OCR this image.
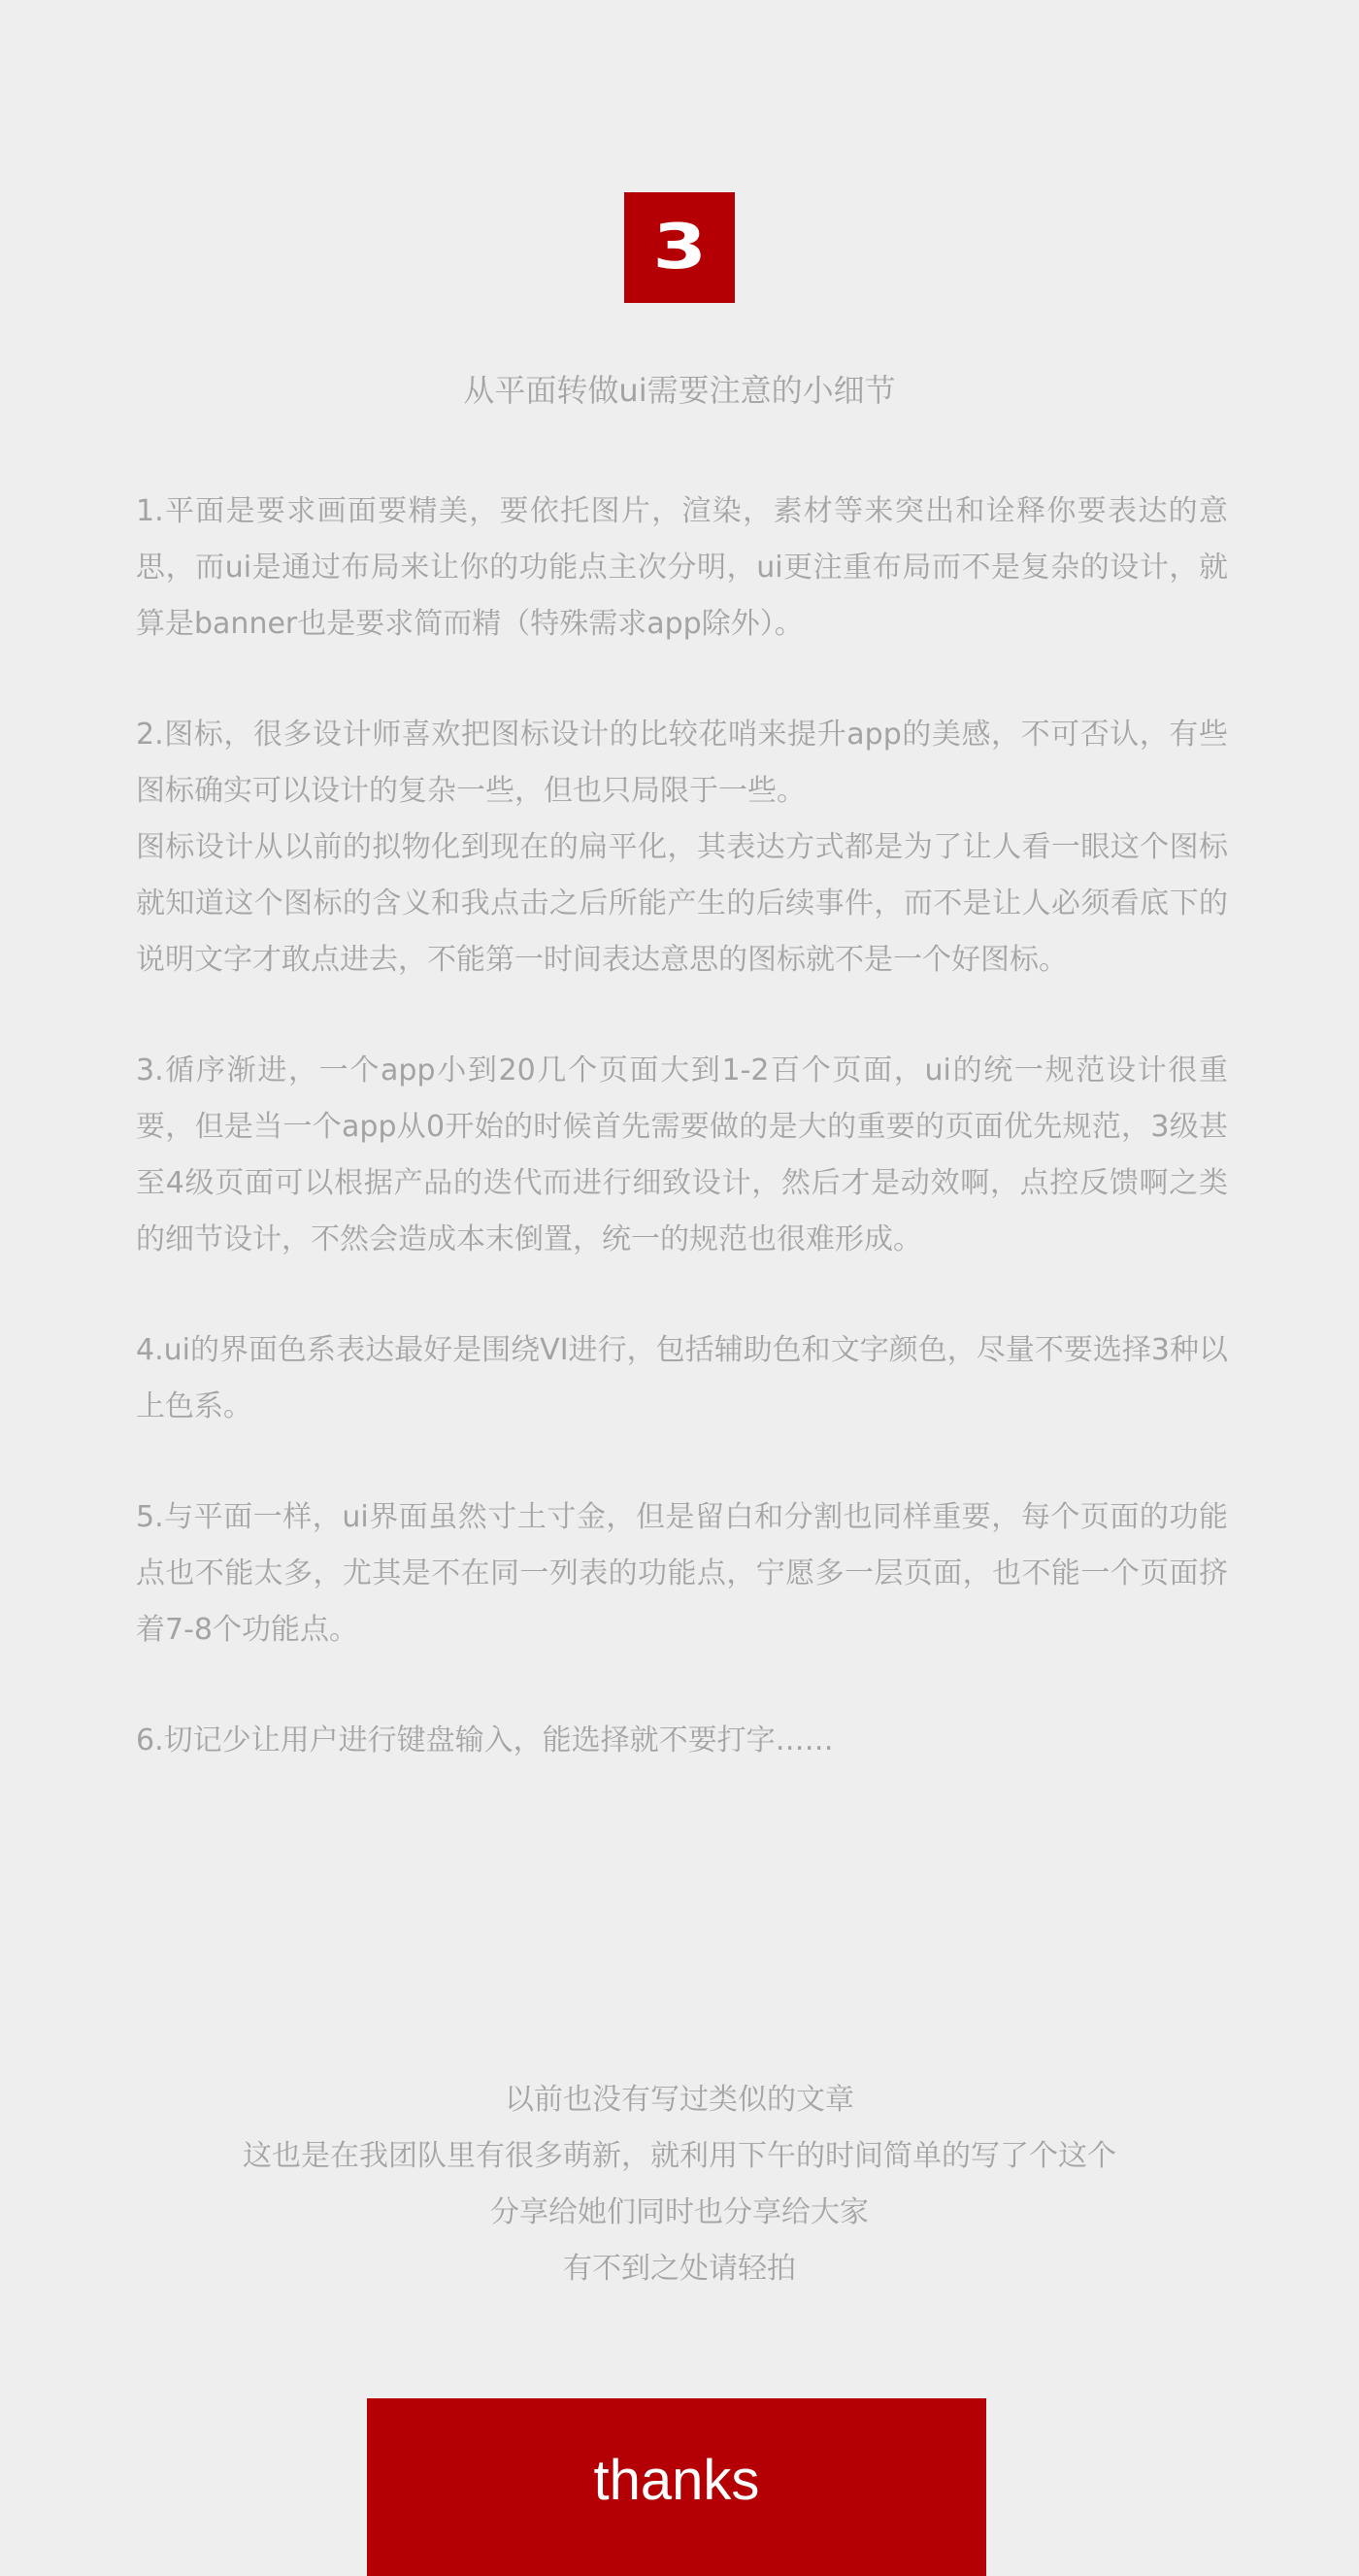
3
从平面转做ui需要注意的小细节

1.平面是要求画面要精美，要依托图片，渲染，素材等来突出和诠释你要表达的意思，而ui是通过布局来让你的功能点主次分明，ui更注重布局而不是复杂的设计，就算是banner也是要求简而精（特殊需求app除外）。

2.图标，很多设计师喜欢把图标设计的比较花哨来提升app的美感，不可否认，有些图标确实可以设计的复杂一些，但也只局限于一些。

图标设计从以前的拟物化到现在的扁平化，其表达方式都是为了让人看一眼这个图标就知道这个图标的含义和我点击之后所能产生的后续事件，而不是让人必须看底下的说明文字才敢点进去，不能第一时间表达意思的图标就不是一个好图标。

3.循序渐进，一个app小到20几个页面大到1-2百个页面，ui的统一规范设计很重要，但是当一个app从0开始的时候首先需要做的是大的重要的页面优先规范，3级甚至4级页面可以根据产品的迭代而进行细致设计，然后才是动效啊，点控反馈啊之类的细节设计，不然会造成本末倒置，统一的规范也很难形成。

4.ui的界面色系表达最好是围绕VI进行，包括辅助色和文字颜色，尽量不要选择3种以上色系。

5.与平面一样，ui界面虽然寸土寸金，但是留白和分割也同样重要，每个页面的功能点也不能太多，尤其是不在同一列表的功能点，宁愿多一层页面，也不能一个页面挤着7-8个功能点。

6.切记少让用户进行键盘输入，能选择就不要打字……

以前也没有写过类似的文章
这也是在我团队里有很多萌新，就利用下午的时间简单的写了个这个
分享给她们同时也分享给大家
有不到之处请轻拍
thanks
